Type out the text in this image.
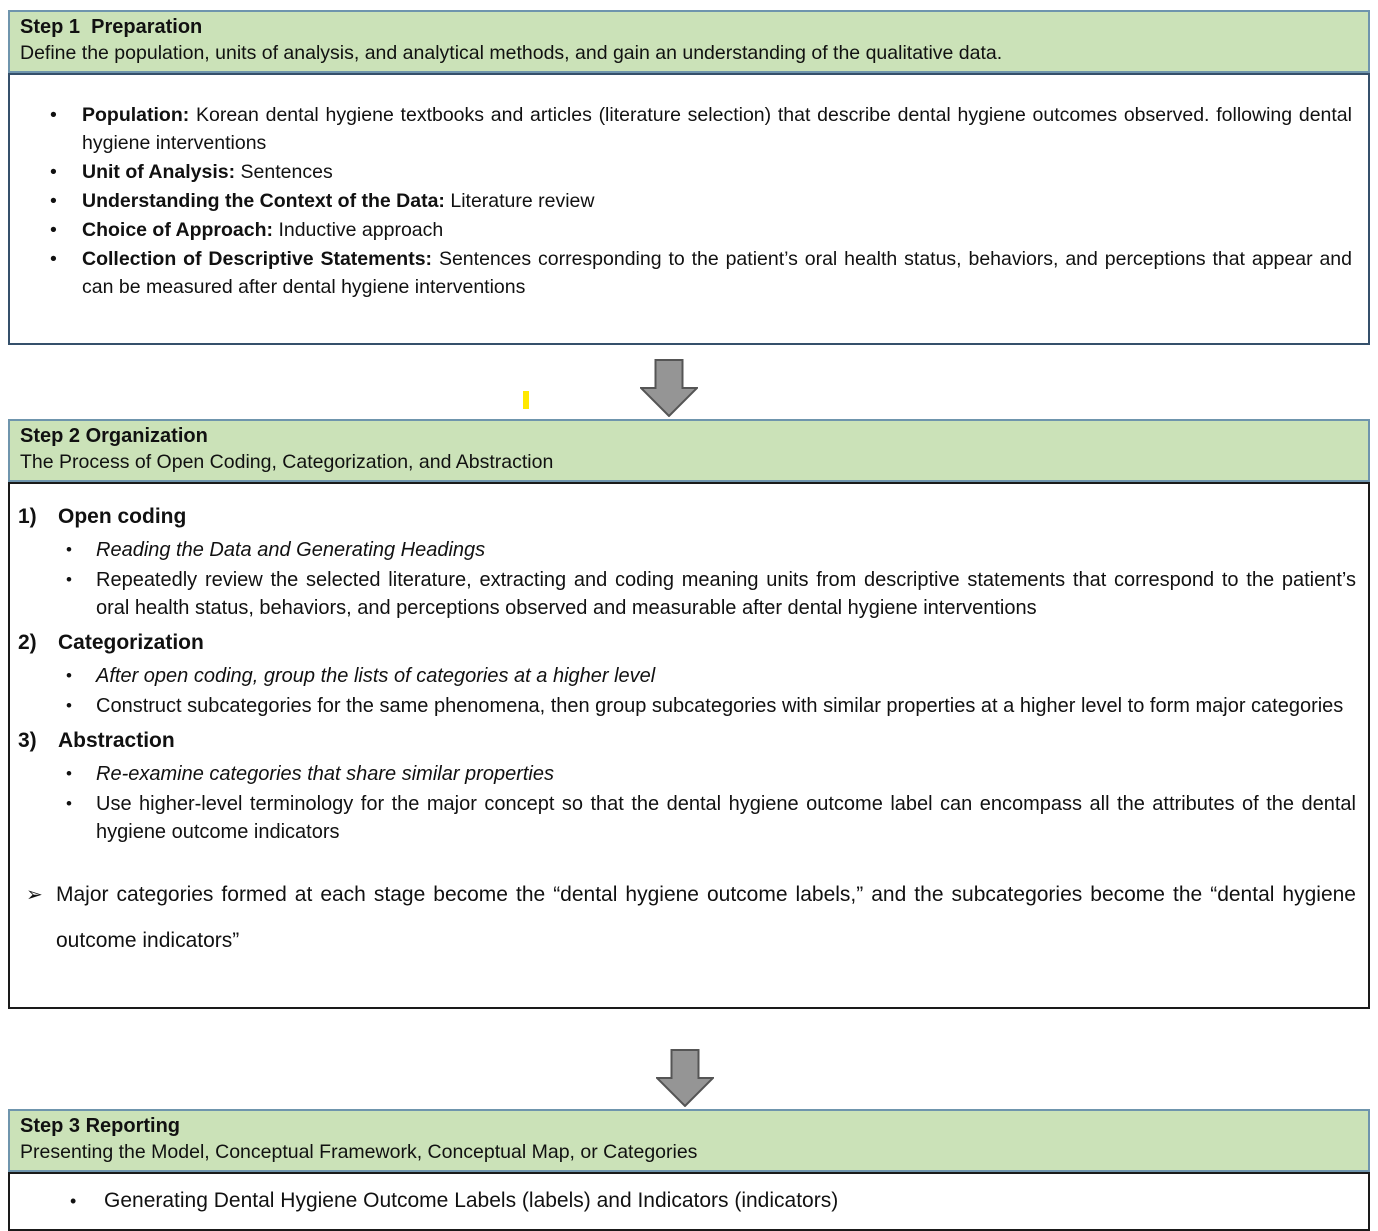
Step 1  Preparation
Define the population, units of analysis, and analytical methods, and gain an understanding of the qualitative data.
•	Population: Korean dental hygiene textbooks and articles (literature selection) that describe dental hygiene outcomes observed. following dental hygiene interventions
•	Unit of Analysis: Sentences
•	Understanding the Context of the Data: Literature review
•	Choice of Approach: Inductive approach
•	Collection of Descriptive Statements: Sentences corresponding to the patient’s oral health status, behaviors, and perceptions that appear and can be measured after dental hygiene interventions
Step 2 Organization
The Process of Open Coding, Categorization, and Abstraction
1)	Open coding
•	Reading the Data and Generating Headings
•	Repeatedly review the selected literature, extracting and coding meaning units from descriptive statements that correspond to the patient’s oral health status, behaviors, and perceptions observed and measurable after dental hygiene interventions
2)	Categorization
•	After open coding, group the lists of categories at a higher level
•	Construct subcategories for the same phenomena, then group subcategories with similar properties at a higher level to form major categories
3)	Abstraction
•	Re-examine categories that share similar properties
•	Use higher-level terminology for the major concept so that the dental hygiene outcome label can encompass all the attributes of the dental hygiene outcome indicators
➢ Major categories formed at each stage become the “dental hygiene outcome labels,” and the subcategories become the “dental hygiene outcome indicators”
Step 3 Reporting
Presenting the Model, Conceptual Framework, Conceptual Map, or Categories
•	Generating Dental Hygiene Outcome Labels (labels) and Indicators (indicators)
